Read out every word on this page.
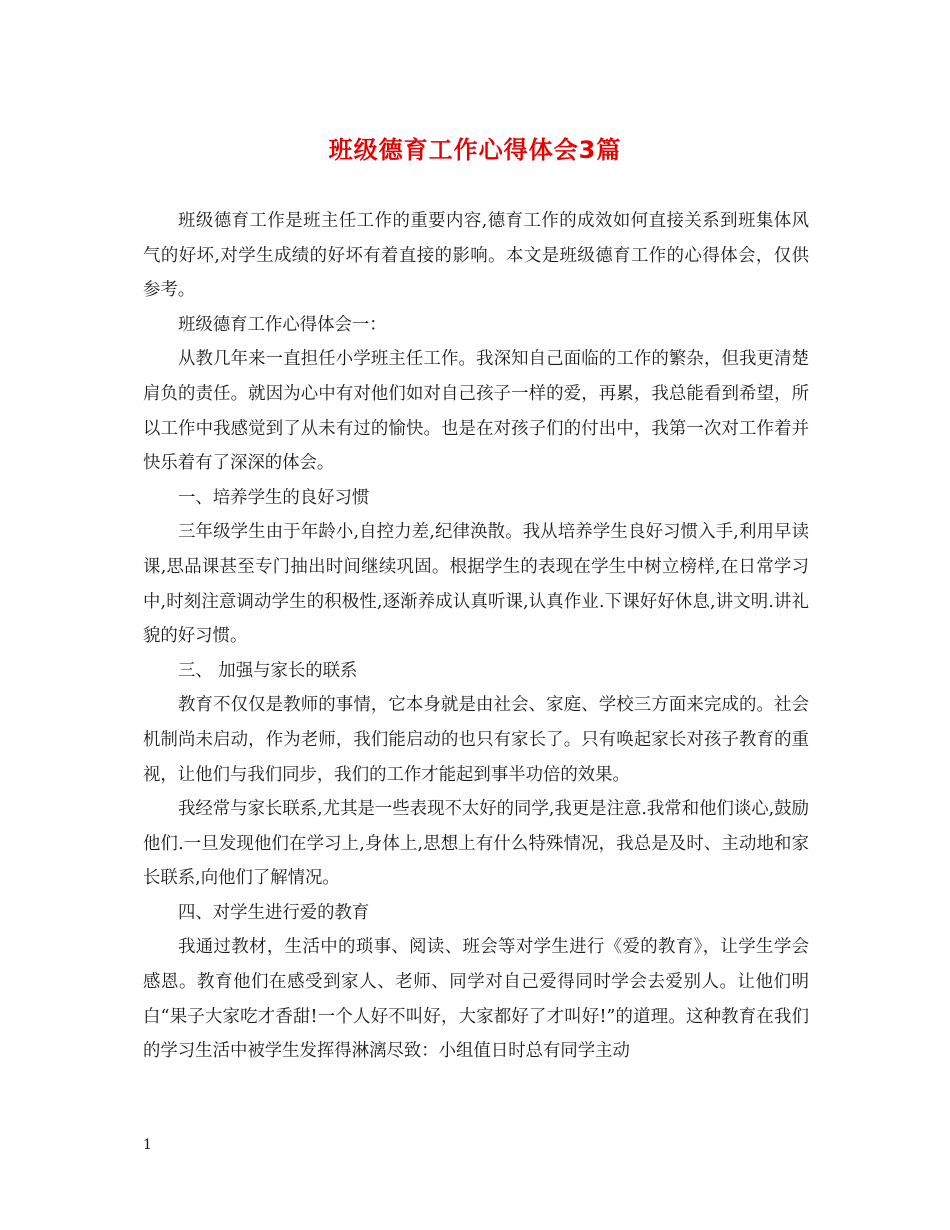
班级德育工作心得体会3篇

班级德育工作是班主任工作的重要内容,德育工作的成效如何直接关系到班集体风气的好坏,对学生成绩的好坏有着直接的影响。本文是班级德育工作的心得体会，仅供参考。

班级德育工作心得体会一：

从教几年来一直担任小学班主任工作。我深知自己面临的工作的繁杂，但我更清楚肩负的责任。就因为心中有对他们如对自己孩子一样的爱，再累，我总能看到希望，所以工作中我感觉到了从未有过的愉快。也是在对孩子们的付出中，我第一次对工作着并快乐着有了深深的体会。

一、培养学生的良好习惯

三年级学生由于年龄小,自控力差,纪律涣散。我从培养学生良好习惯入手,利用早读课,思品课甚至专门抽出时间继续巩固。根据学生的表现在学生中树立榜样,在日常学习中,时刻注意调动学生的积极性,逐渐养成认真听课,认真作业.下课好好休息,讲文明.讲礼貌的好习惯。

三、 加强与家长的联系

教育不仅仅是教师的事情，它本身就是由社会、家庭、学校三方面来完成的。社会机制尚未启动，作为老师，我们能启动的也只有家长了。只有唤起家长对孩子教育的重视，让他们与我们同步，我们的工作才能起到事半功倍的效果。

我经常与家长联系,尤其是一些表现不太好的同学,我更是注意.我常和他们谈心,鼓励他们.一旦发现他们在学习上,身体上,思想上有什么特殊情况，我总是及时、主动地和家长联系,向他们了解情况。

四、对学生进行爱的教育

我通过教材，生活中的琐事、阅读、班会等对学生进行《爱的教育》，让学生学会感恩。教育他们在感受到家人、老师、同学对自己爱得同时学会去爱别人。让他们明白“果子大家吃才香甜!一个人好不叫好，大家都好了才叫好!”的道理。这种教育在我们的学习生活中被学生发挥得淋漓尽致：小组值日时总有同学主动

1
